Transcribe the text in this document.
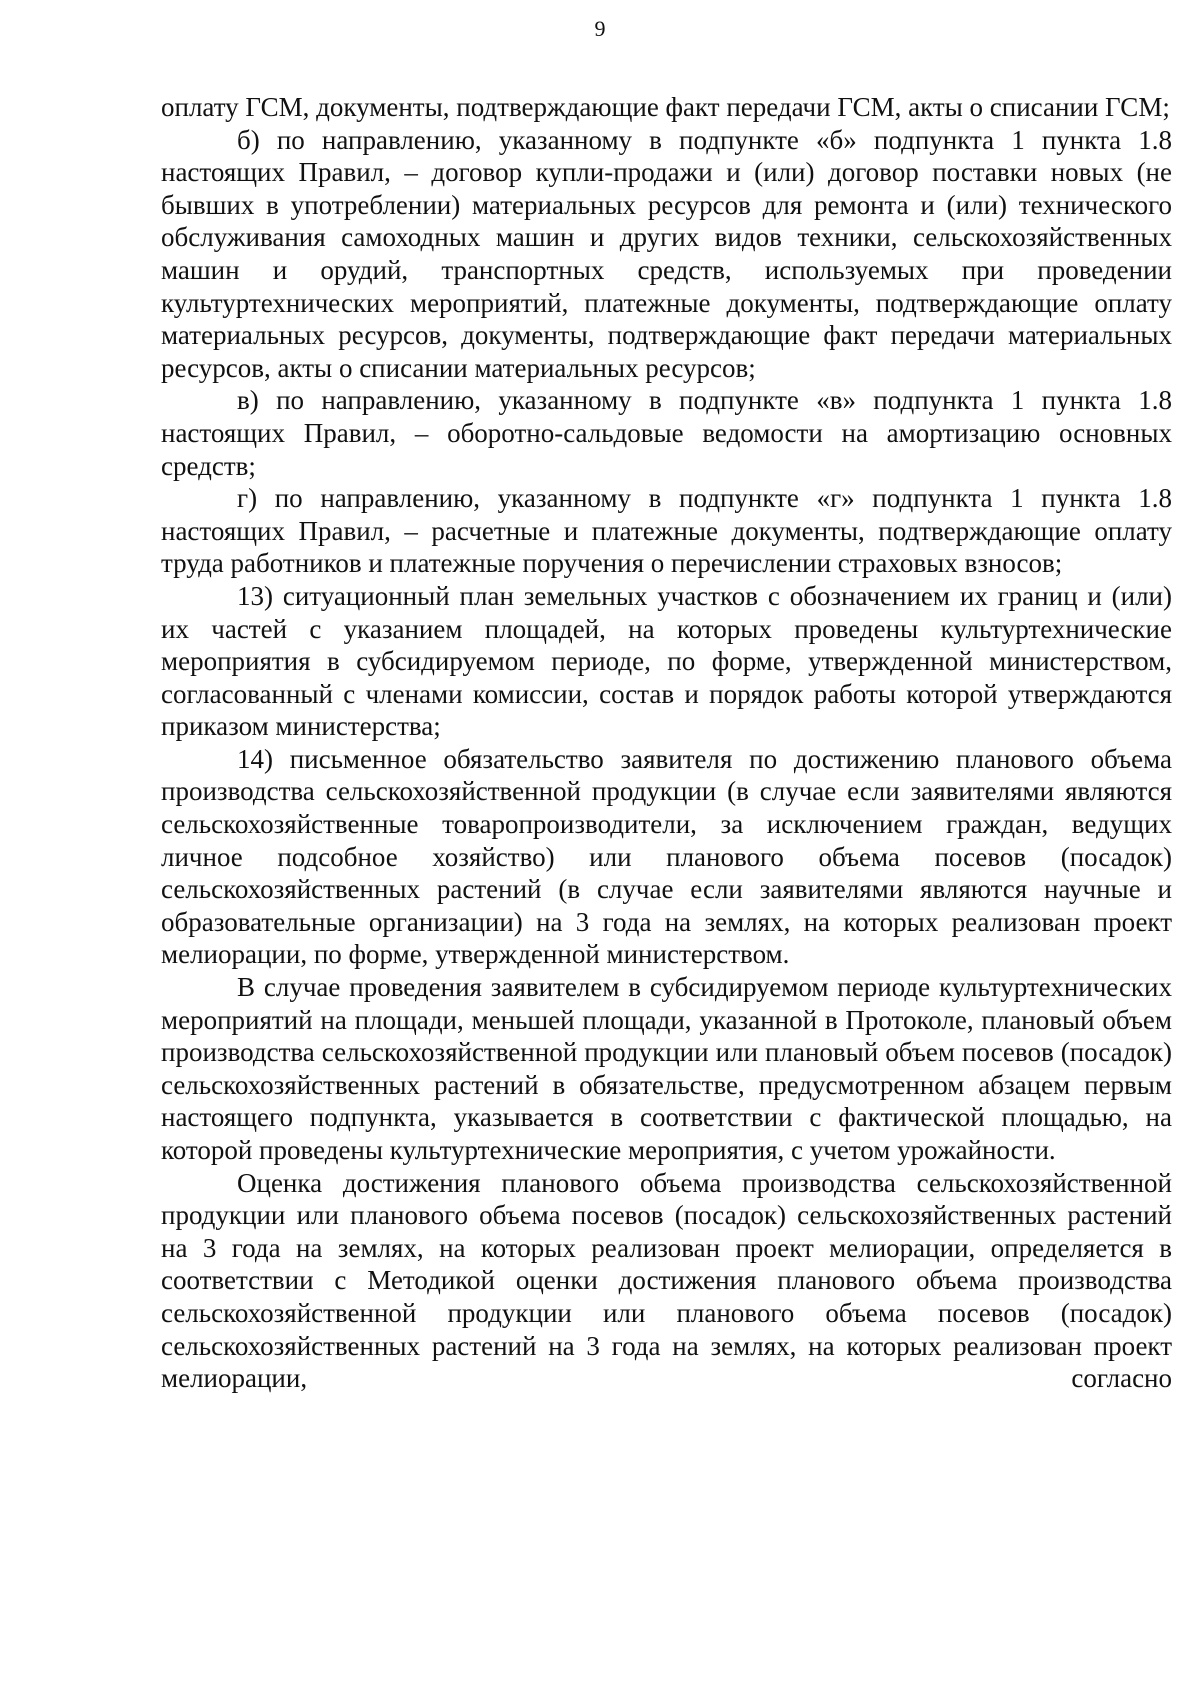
9

оплату ГСМ, документы, подтверждающие факт передачи ГСМ, акты о списании ГСМ;

б) по направлению, указанному в подпункте «б» подпункта 1 пункта 1.8 настоящих Правил, – договор купли-продажи и (или) договор поставки новых (не бывших в употреблении) материальных ресурсов для ремонта и (или) технического обслуживания самоходных машин и других видов техники, сельскохозяйственных машин и орудий, транспортных средств, используемых при проведении культуртехнических мероприятий, платежные документы, подтверждающие оплату материальных ресурсов, документы, подтверждающие факт передачи материальных ресурсов, акты о списании материальных ресурсов;

в) по направлению, указанному в подпункте «в» подпункта 1 пункта 1.8 настоящих Правил, – оборотно-сальдовые ведомости на амортизацию основных средств;

г) по направлению, указанному в подпункте «г» подпункта 1 пункта 1.8 настоящих Правил, – расчетные и платежные документы, подтверждающие оплату труда работников и платежные поручения о перечислении страховых взносов;

13) ситуационный план земельных участков с обозначением их границ и (или) их частей с указанием площадей, на которых проведены культуртехнические мероприятия в субсидируемом периоде, по форме, утвержденной министерством, согласованный с членами комиссии, состав и порядок работы которой утверждаются приказом министерства;

14) письменное обязательство заявителя по достижению планового объема производства сельскохозяйственной продукции (в случае если заявителями являются сельскохозяйственные товаропроизводители, за исключением граждан, ведущих личное подсобное хозяйство) или планового объема посевов (посадок) сельскохозяйственных растений (в случае если заявителями являются научные и образовательные организации) на 3 года на землях, на которых реализован проект мелиорации, по форме, утвержденной министерством.

В случае проведения заявителем в субсидируемом периоде культуртехнических мероприятий на площади, меньшей площади, указанной в Протоколе, плановый объем производства сельскохозяйственной продукции или плановый объем посевов (посадок) сельскохозяйственных растений в обязательстве, предусмотренном абзацем первым настоящего подпункта, указывается в соответствии с фактической площадью, на которой проведены культуртехнические мероприятия, с учетом урожайности.

Оценка достижения планового объема производства сельскохозяйственной продукции или планового объема посевов (посадок) сельскохозяйственных растений на 3 года на землях, на которых реализован проект мелиорации, определяется в соответствии с Методикой оценки достижения планового объема производства сельскохозяйственной продукции или планового объема посевов (посадок) сельскохозяйственных растений на 3 года на землях, на которых реализован проект мелиорации, согласно
